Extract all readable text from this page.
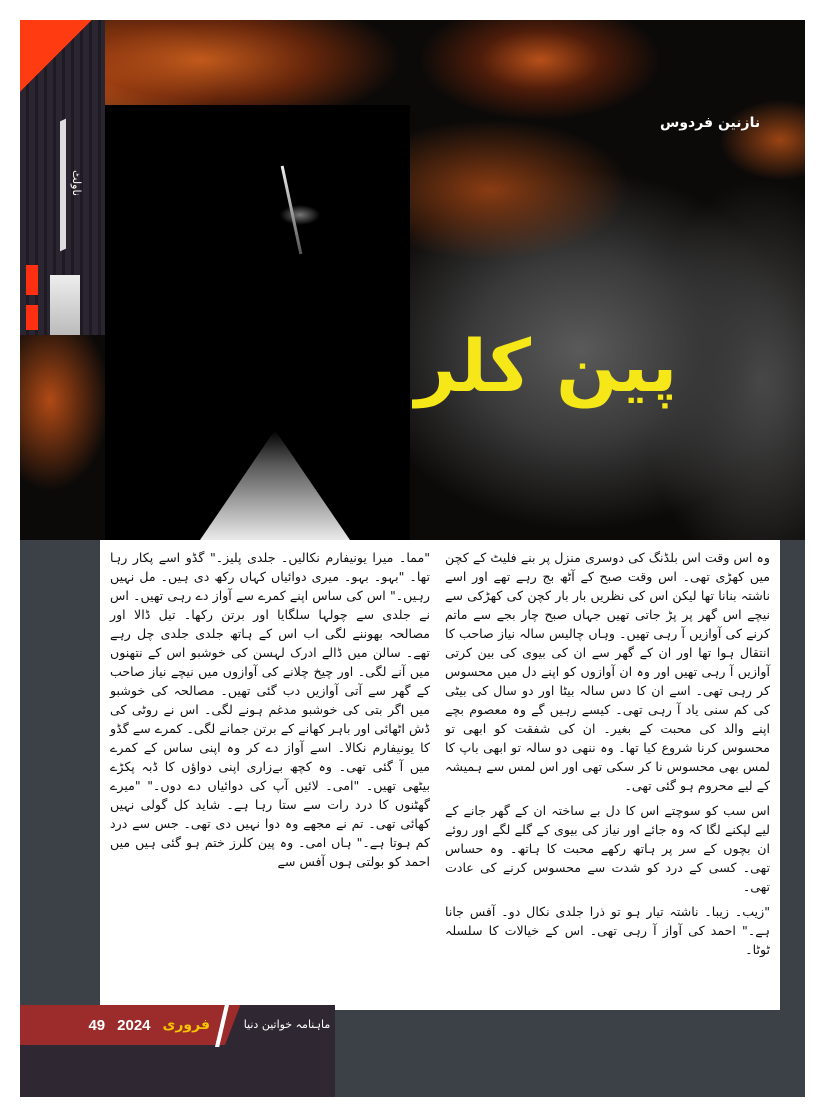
ناولٹ
نازنین فردوس
پین کلر
وہ اس وقت اس بلڈنگ کی دوسری منزل پر بنے فلیٹ کے کچنمیں کھڑی تھی۔ اس وقت صبح کے آٹھ بج رہے تھے اور اسے ناشتہ بنانا تھالیکن اس کی نظریں بار بار کچن کی کھڑکی سے نیچے اس گھر پر پڑ جاتی تھیںجہاں صبح چار بجے سے ماتم کرنے کی آوازیں آ رہی تھیں۔ وہاں چالیسسالہ نیاز صاحب کا انتقال ہوا تھا اور ان کے گھر سے ان کی بیوی کی بینکرتی آوازیں آ رہی تھیں اور وہ ان آوازوں کو اپنے دل میں محسوس کررہی تھی۔ اسے ان کا دس سالہ بیٹا اور دو سال کی بیٹی کی کم سنی یاد آ رہیتھی۔ کیسے رہیں گے وہ معصوم بچے اپنے والد کی محبت کے بغیر۔ان کی شفقت کو ابھی تو محسوس کرنا شروع کیا تھا۔ وہ ننھی دو سالہ توابھی باپ کا لمس بھی محسوس نا کر سکی تھی اور اس لمس سے ہمیشہ کے لیے محرومہو گئی تھی۔
اس سب کو سوچتے اس کا دل بے ساختہ ان کے گھر جانے کےلیے لپکنے لگا کہ وہ جائے اور نیاز کی بیوی کے گلے لگے اور روئے ان بچوں کےسر پر ہاتھ رکھے محبت کا ہاتھ۔ وہ حساس تھی۔ کسی کے درد کو شدت سے محسوسکرنے کی عادت تھی۔
"زیب۔ زیبا۔ ناشتہ تیار ہو تو ذرا جلدی نکال دو۔ آفس جانا ہے۔"احمد کی آواز آ رہی تھی۔ اس کے خیالات کا سلسلہ ٹوٹا۔
"مما۔ میرا یونیفارم نکالیں۔ جلدی پلیز۔" گڈو اسے پکار رہا تھا۔"بہو۔ بہو۔ میری دوائیاں کہاں رکھ دی ہیں۔ مل نہیں رہیں۔"اس کی ساس اپنے کمرے سے آواز دے رہی تھیں۔اس نے جلدی سے چولہا سلگایا اور برتن رکھا۔ تیل ڈالا اور مصالحہبھوننے لگی اب اس کے ہاتھ جلدی جلدی چل رہے تھے۔سالن میں ڈالے ادرک لہسن کی خوشبو اس کے نتھنوں میں آنےلگی۔ اور چیخ چلانے کی آوازوں میں نیچے نیاز صاحب کے گھر سے آتیآوازیں دب گئی تھیں۔ مصالحہ کی خوشبو میں اگر بتی کی خوشبو مدغم ہونےلگی۔اس نے روٹی کی ڈش اٹھائی اور باہر کھانے کے برتن جمانے لگی۔کمرے سے گڈو کا یونیفارم نکالا۔ اسے آواز دے کر وہ اپنیساس کے کمرے میں آ گئی تھی۔وہ کچھ بےزاری اپنی دواؤں کا ڈبہ پکڑے بیٹھی تھیں۔"امی۔ لائیں آپ کی دوائیاں دے دوں۔""میرے گھٹنوں کا درد رات سے ستا رہا ہے۔ شاید کل گولی نہیںکھائی تھی۔ تم نے مجھے وہ دوا نہیں دی تھی۔ جس سے درد کم ہوتا ہے۔"ہاں امی۔ وہ پین کلرز ختم ہو گئی ہیں میں احمد کو بولتی ہوں آفس سے
49 2024 فروری	ماہنامہ خواتین دنیا
